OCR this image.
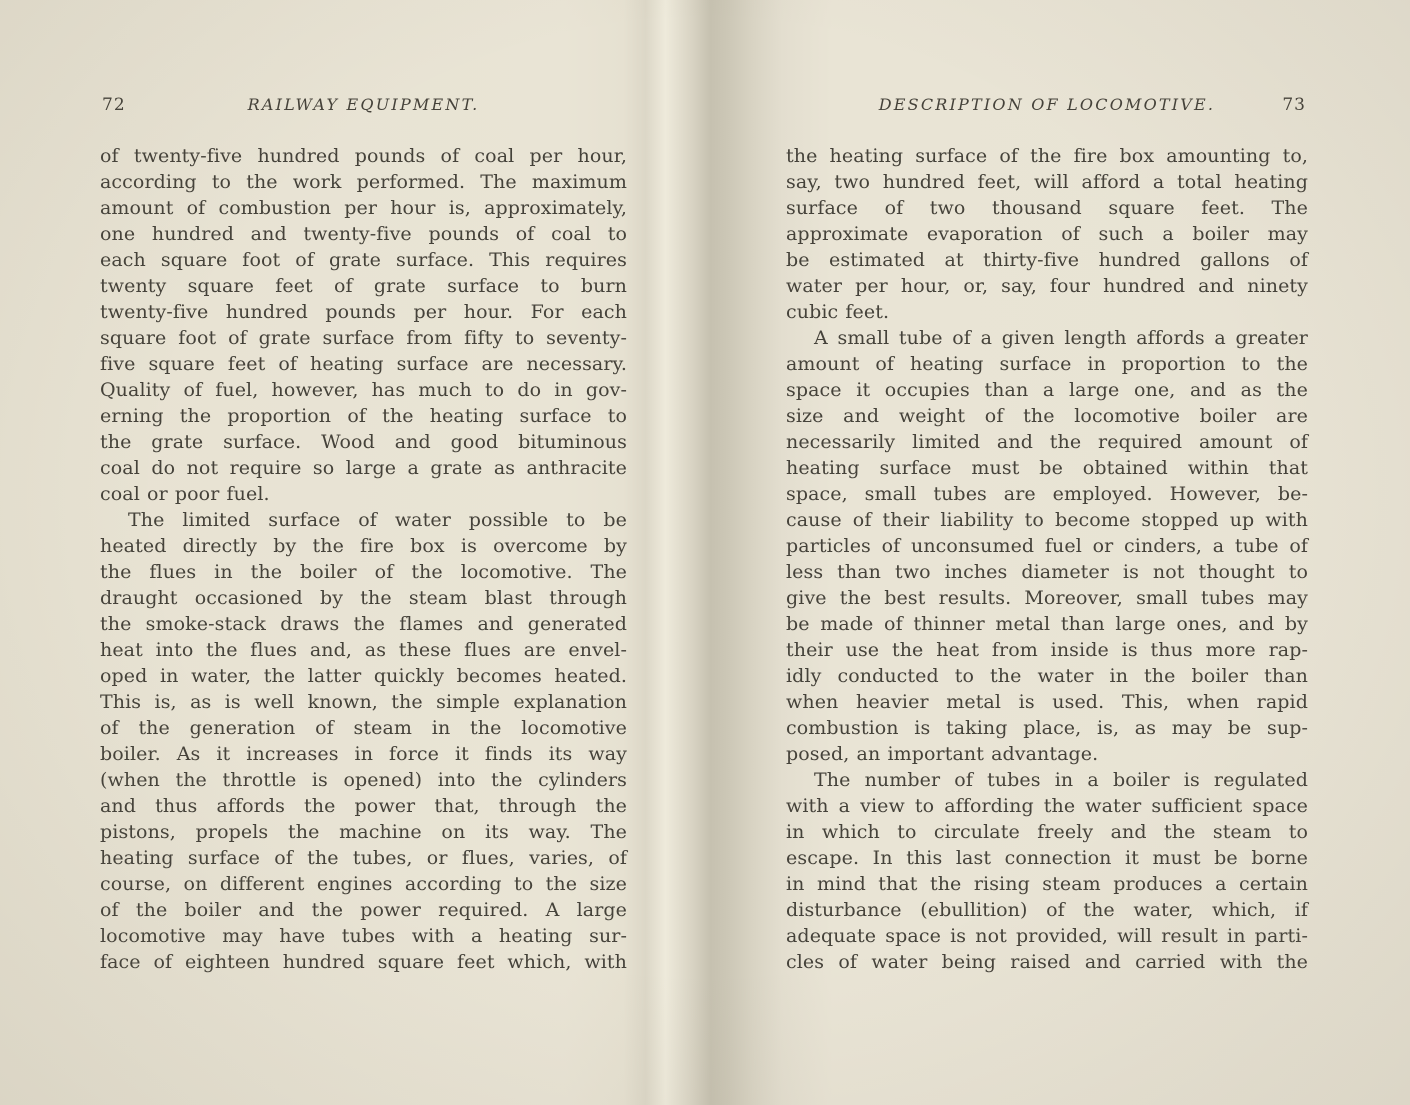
72	RAILWAY EQUIPMENT.
of twenty-five hundred pounds of coal per hour,
according to the work performed. The maximum
amount of combustion per hour is, approximately,
one hundred and twenty-five pounds of coal to
each square foot of grate surface. This requires
twenty square feet of grate surface to burn
twenty-five hundred pounds per hour. For each
square foot of grate surface from fifty to seventy-
five square feet of heating surface are necessary.
Quality of fuel, however, has much to do in gov-
erning the proportion of the heating surface to
the grate surface. Wood and good bituminous
coal do not require so large a grate as anthracite
coal or poor fuel.
The limited surface of water possible to be
heated directly by the fire box is overcome by
the flues in the boiler of the locomotive. The
draught occasioned by the steam blast through
the smoke-stack draws the flames and generated
heat into the flues and, as these flues are envel-
oped in water, the latter quickly becomes heated.
This is, as is well known, the simple explanation
of the generation of steam in the locomotive
boiler. As it increases in force it finds its way
(when the throttle is opened) into the cylinders
and thus affords the power that, through the
pistons, propels the machine on its way. The
heating surface of the tubes, or flues, varies, of
course, on different engines according to the size
of the boiler and the power required. A large
locomotive may have tubes with a heating sur-
face of eighteen hundred square feet which, with
DESCRIPTION OF LOCOMOTIVE.	73
the heating surface of the fire box amounting to,
say, two hundred feet, will afford a total heating
surface of two thousand square feet. The
approximate evaporation of such a boiler may
be estimated at thirty-five hundred gallons of
water per hour, or, say, four hundred and ninety
cubic feet.
A small tube of a given length affords a greater
amount of heating surface in proportion to the
space it occupies than a large one, and as the
size and weight of the locomotive boiler are
necessarily limited and the required amount of
heating surface must be obtained within that
space, small tubes are employed. However, be-
cause of their liability to become stopped up with
particles of unconsumed fuel or cinders, a tube of
less than two inches diameter is not thought to
give the best results. Moreover, small tubes may
be made of thinner metal than large ones, and by
their use the heat from inside is thus more rap-
idly conducted to the water in the boiler than
when heavier metal is used. This, when rapid
combustion is taking place, is, as may be sup-
posed, an important advantage.
The number of tubes in a boiler is regulated
with a view to affording the water sufficient space
in which to circulate freely and the steam to
escape. In this last connection it must be borne
in mind that the rising steam produces a certain
disturbance (ebullition) of the water, which, if
adequate space is not provided, will result in parti-
cles of water being raised and carried with the
